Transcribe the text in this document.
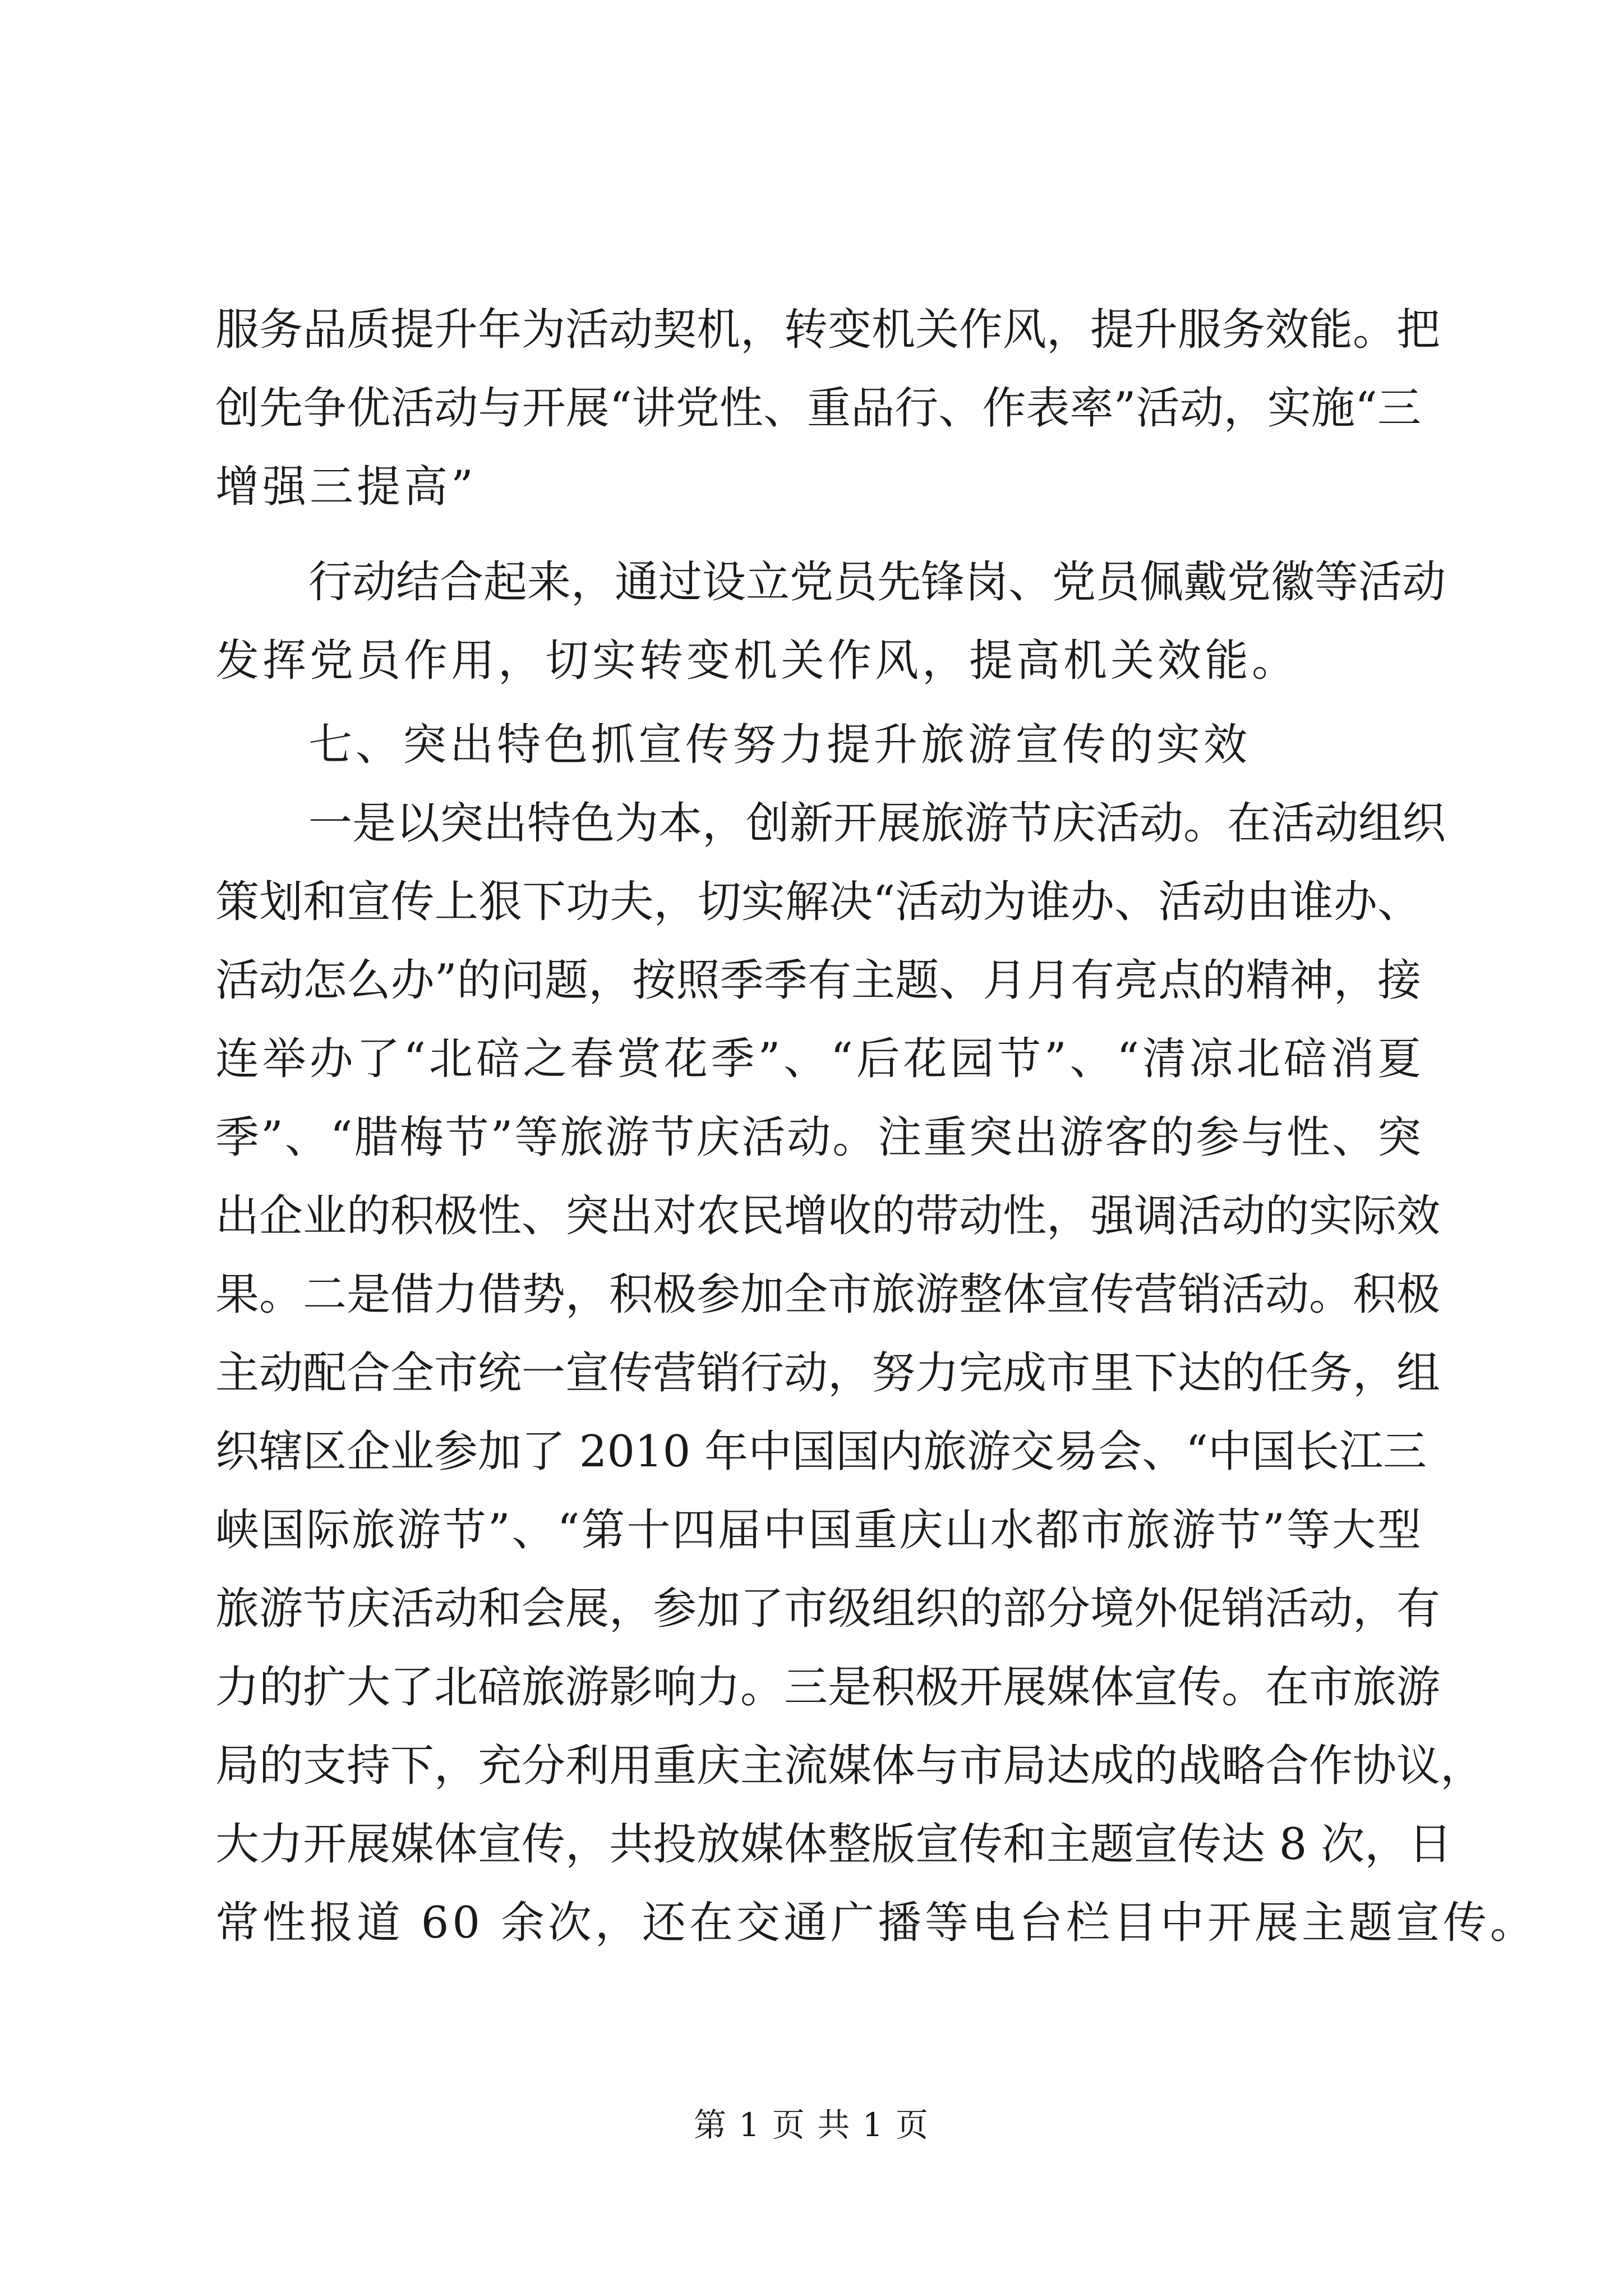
服务品质提升年为活动契机，转变机关作风，提升服务效能。把
创先争优活动与开展“讲党性、重品行、作表率”活动，实施“三
增强三提高”
行动结合起来，通过设立党员先锋岗、党员佩戴党徽等活动
发挥党员作用，切实转变机关作风，提高机关效能。
七、突出特色抓宣传努力提升旅游宣传的实效
一是以突出特色为本，创新开展旅游节庆活动。在活动组织
策划和宣传上狠下功夫，切实解决“活动为谁办、活动由谁办、
活动怎么办”的问题，按照季季有主题、月月有亮点的精神，接
连举办了“北碚之春赏花季”、“后花园节”、“清凉北碚消夏
季”、“腊梅节”等旅游节庆活动。注重突出游客的参与性、突
出企业的积极性、突出对农民增收的带动性，强调活动的实际效
果。二是借力借势，积极参加全市旅游整体宣传营销活动。积极
主动配合全市统一宣传营销行动，努力完成市里下达的任务，组
织辖区企业参加了 2010 年中国国内旅游交易会、“中国长江三
峡国际旅游节”、“第十四届中国重庆山水都市旅游节”等大型
旅游节庆活动和会展，参加了市级组织的部分境外促销活动，有
力的扩大了北碚旅游影响力。三是积极开展媒体宣传。在市旅游
局的支持下，充分利用重庆主流媒体与市局达成的战略合作协议，
大力开展媒体宣传，共投放媒体整版宣传和主题宣传达 8 次，日
常性报道 60 余次，还在交通广播等电台栏目中开展主题宣传。
第 1 页 共 1 页
